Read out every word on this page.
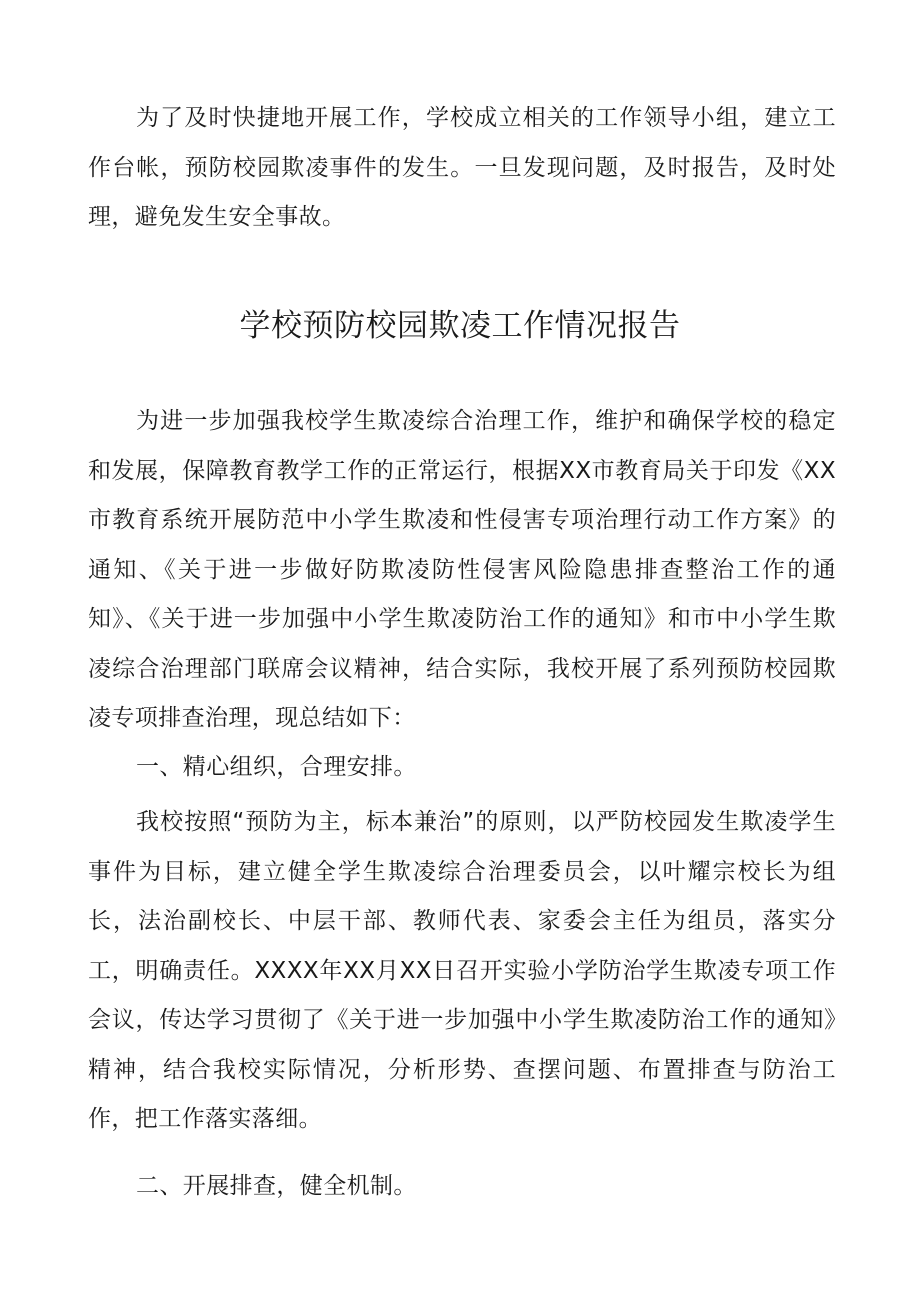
为了及时快捷地开展工作，学校成立相关的工作领导小组，建立工作台帐，预防校园欺凌事件的发生。一旦发现问题，及时报告，及时处理，避免发生安全事故。

学校预防校园欺凌工作情况报告

为进一步加强我校学生欺凌综合治理工作，维护和确保学校的稳定和发展，保障教育教学工作的正常运行，根据XX市教育局关于印发《XX市教育系统开展防范中小学生欺凌和性侵害专项治理行动工作方案》的通知、《关于进一步做好防欺凌防性侵害风险隐患排查整治工作的通知》、《关于进一步加强中小学生欺凌防治工作的通知》和市中小学生欺凌综合治理部门联席会议精神，结合实际，我校开展了系列预防校园欺凌专项排查治理，现总结如下：

一、精心组织，合理安排。

我校按照“预防为主，标本兼治”的原则，以严防校园发生欺凌学生事件为目标，建立健全学生欺凌综合治理委员会，以叶耀宗校长为组长，法治副校长、中层干部、教师代表、家委会主任为组员，落实分工，明确责任。XXXX年XX月XX日召开实验小学防治学生欺凌专项工作会议，传达学习贯彻了《关于进一步加强中小学生欺凌防治工作的通知》精神，结合我校实际情况，分析形势、查摆问题、布置排查与防治工作，把工作落实落细。

二、开展排查，健全机制。
